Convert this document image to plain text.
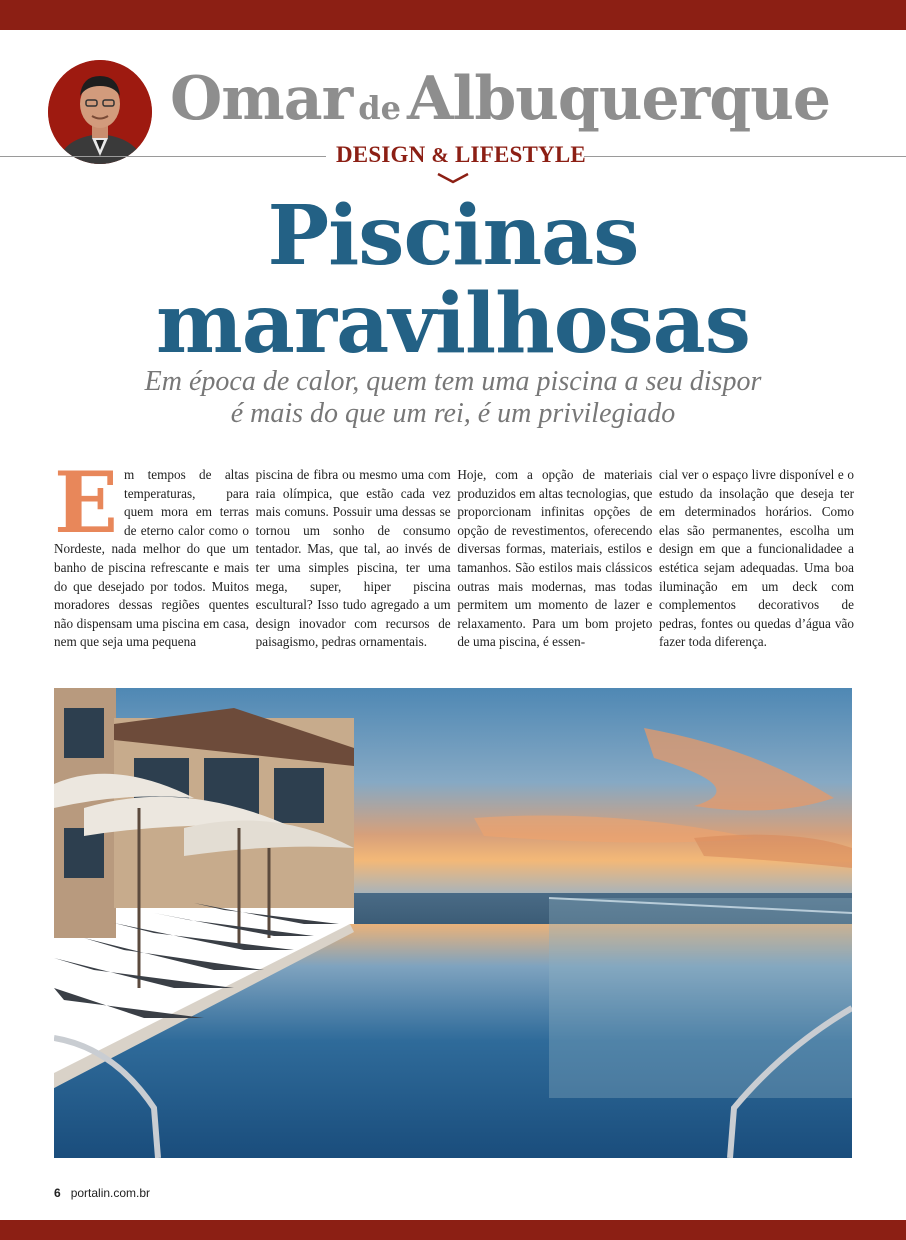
Omar de Albuquerque
DESIGN & LIFESTYLE
Piscinas
maravilhosas
Em época de calor, quem tem uma piscina a seu dispor
é mais do que um rei, é um privilegiado
Em tempos de altas temperaturas, para quem mora em terras de eterno calor como o Nordeste, nada melhor do que um banho de piscina refrescante e mais do que desejado por todos. Muitos moradores dessas regiões quentes não dispensam uma piscina em casa, nem que seja uma pequena
piscina de fibra ou mesmo uma com raia olímpica, que estão cada vez mais comuns. Possuir uma dessas se tornou um sonho de consumo tentador. Mas, que tal, ao invés de ter uma simples piscina, ter uma mega, super, hiper piscina escultural? Isso tudo agregado a um design inovador com recursos de paisagismo, pedras ornamentais.
Hoje, com a opção de materiais produzidos em altas tecnologias, que proporcionam infinitas opções de opção de revestimentos, oferecendo diversas formas, materiais, estilos e tamanhos. São estilos mais clássicos outras mais modernas, mas todas permitem um momento de lazer e relaxamento. Para um bom projeto de uma piscina, é essen-
cial ver o espaço livre disponível e o estudo da insolação que deseja ter em determinados horários. Como elas são permanentes, escolha um design em que a funcionalidadee a estética sejam adequadas. Uma boa iluminação em um deck com complementos decorativos de pedras, fontes ou quedas d’água vão fazer toda diferença.
6 portalin.com.br
